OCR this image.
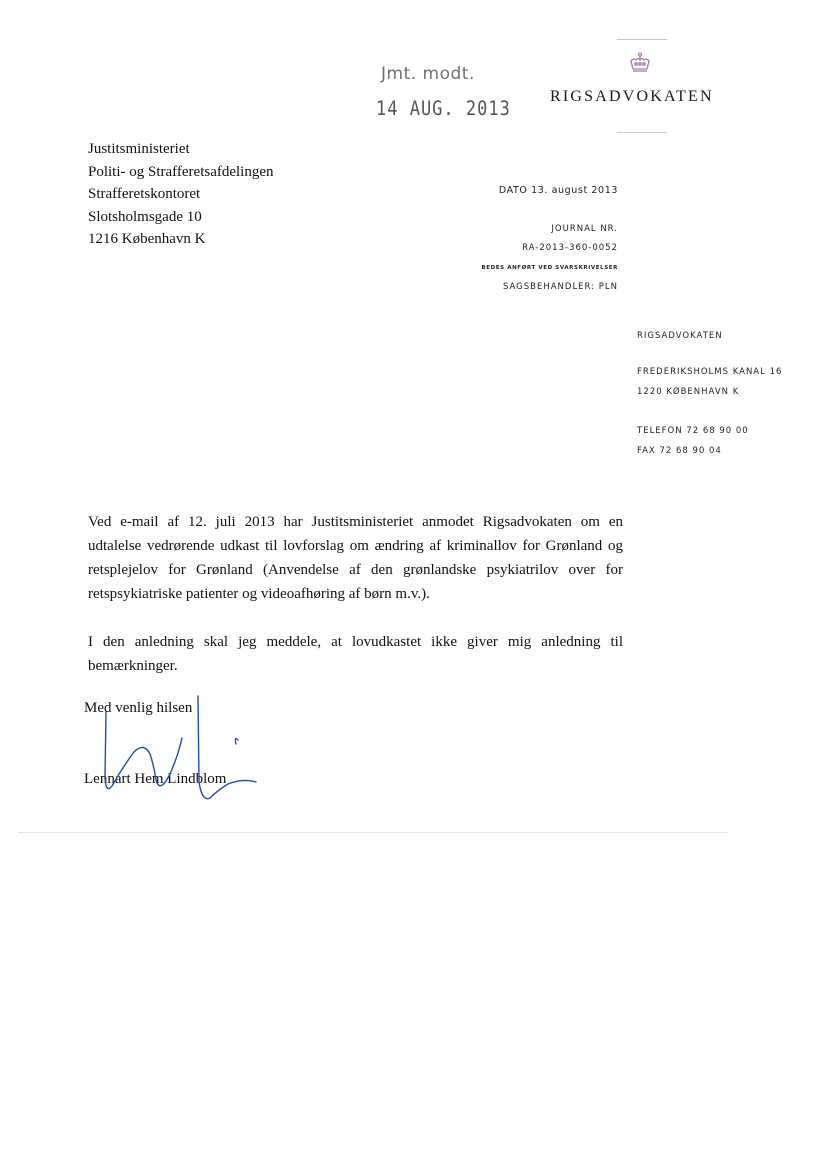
Jmt. modt.
14 AUG. 2013
RIGSADVOKATEN
Justitsministeriet
Politi- og Strafferetsafdelingen
Strafferetskontoret
Slotsholmsgade 10
1216 København K
DATO 13. august 2013
JOURNAL NR.
RA-2013-360-0052
BEDES ANFØRT VED SVARSKRIVELSER
SAGSBEHANDLER: PLN
RIGSADVOKATEN
FREDERIKSHOLMS KANAL 16
1220 KØBENHAVN K
TELEFON 72 68 90 00
FAX 72 68 90 04
Ved e-mail af 12. juli 2013 har Justitsministeriet anmodet Rigsadvokaten om en udtalelse vedrørende udkast til lovforslag om ændring af kriminallov for Grønland og retsplejelov for Grønland (Anvendelse af den grønlandske psykiatrilov over for retspsykiatriske patienter og videoafhøring af børn m.v.).
I den anledning skal jeg meddele, at lovudkastet ikke giver mig anledning til bemærkninger.
Med venlig hilsen
Lennart Hem Lindblom
